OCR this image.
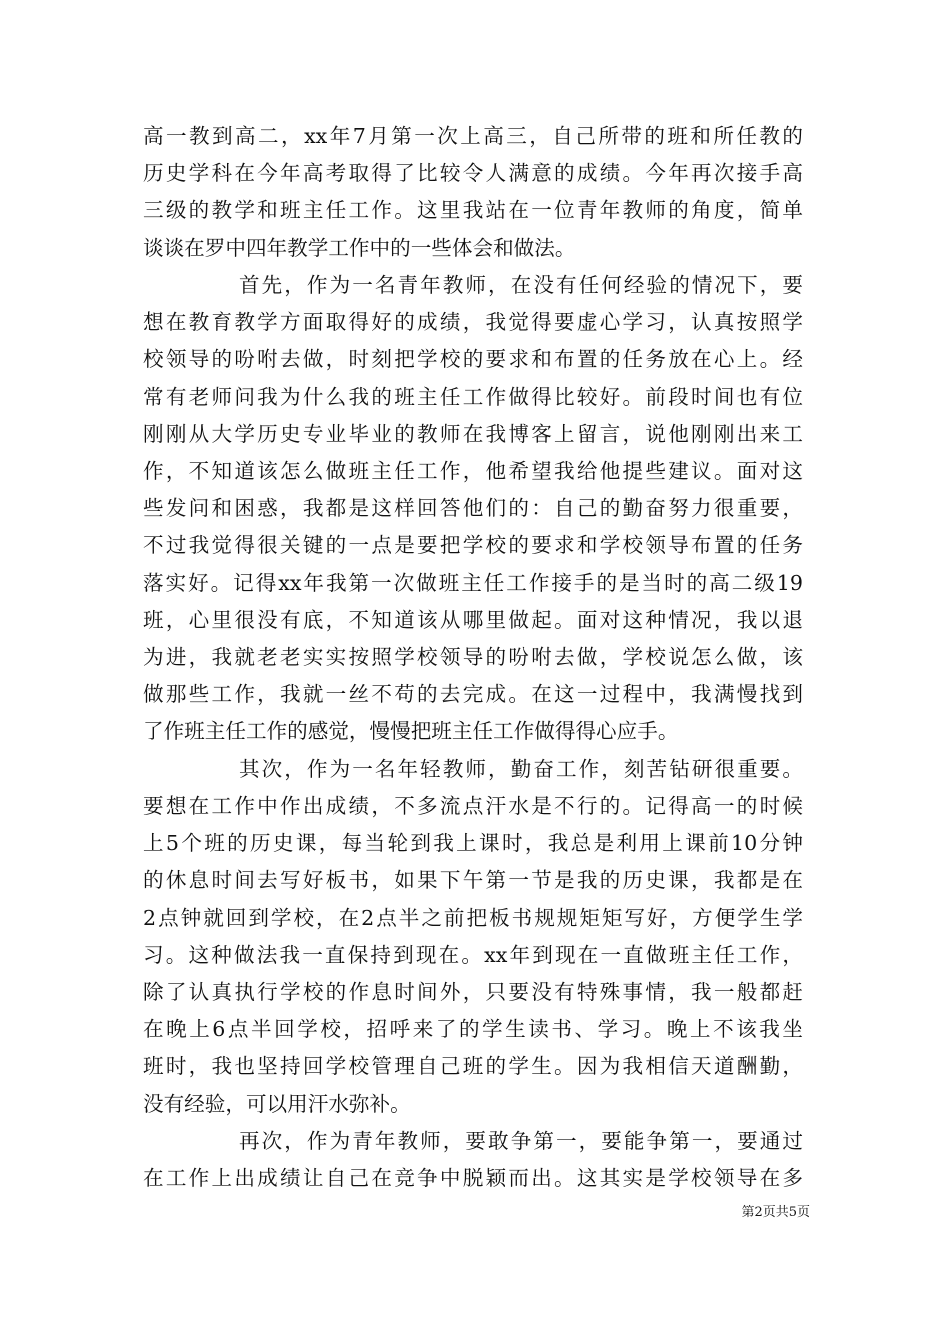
高一教到高二，xx年7月第一次上高三，自己所带的班和所任教的
历史学科在今年高考取得了比较令人满意的成绩。今年再次接手高
三级的教学和班主任工作。这里我站在一位青年教师的角度，简单
谈谈在罗中四年教学工作中的一些体会和做法。
首先，作为一名青年教师，在没有任何经验的情况下，要
想在教育教学方面取得好的成绩，我觉得要虚心学习，认真按照学
校领导的吩咐去做，时刻把学校的要求和布置的任务放在心上。经
常有老师问我为什么我的班主任工作做得比较好。前段时间也有位
刚刚从大学历史专业毕业的教师在我博客上留言，说他刚刚出来工
作，不知道该怎么做班主任工作，他希望我给他提些建议。面对这
些发问和困惑，我都是这样回答他们的：自己的勤奋努力很重要，
不过我觉得很关键的一点是要把学校的要求和学校领导布置的任务
落实好。记得xx年我第一次做班主任工作接手的是当时的高二级19
班，心里很没有底，不知道该从哪里做起。面对这种情况，我以退
为进，我就老老实实按照学校领导的吩咐去做，学校说怎么做，该
做那些工作，我就一丝不苟的去完成。在这一过程中，我满慢找到
了作班主任工作的感觉，慢慢把班主任工作做得得心应手。
其次，作为一名年轻教师，勤奋工作，刻苦钻研很重要。
要想在工作中作出成绩，不多流点汗水是不行的。记得高一的时候
上5个班的历史课，每当轮到我上课时，我总是利用上课前10分钟
的休息时间去写好板书，如果下午第一节是我的历史课，我都是在
2点钟就回到学校，在2点半之前把板书规规矩矩写好，方便学生学
习。这种做法我一直保持到现在。xx年到现在一直做班主任工作，
除了认真执行学校的作息时间外，只要没有特殊事情，我一般都赶
在晚上6点半回学校，招呼来了的学生读书、学习。晚上不该我坐
班时，我也坚持回学校管理自己班的学生。因为我相信天道酬勤，
没有经验，可以用汗水弥补。
再次，作为青年教师，要敢争第一，要能争第一，要通过
在工作上出成绩让自己在竞争中脱颖而出。这其实是学校领导在多
第2页共5页
